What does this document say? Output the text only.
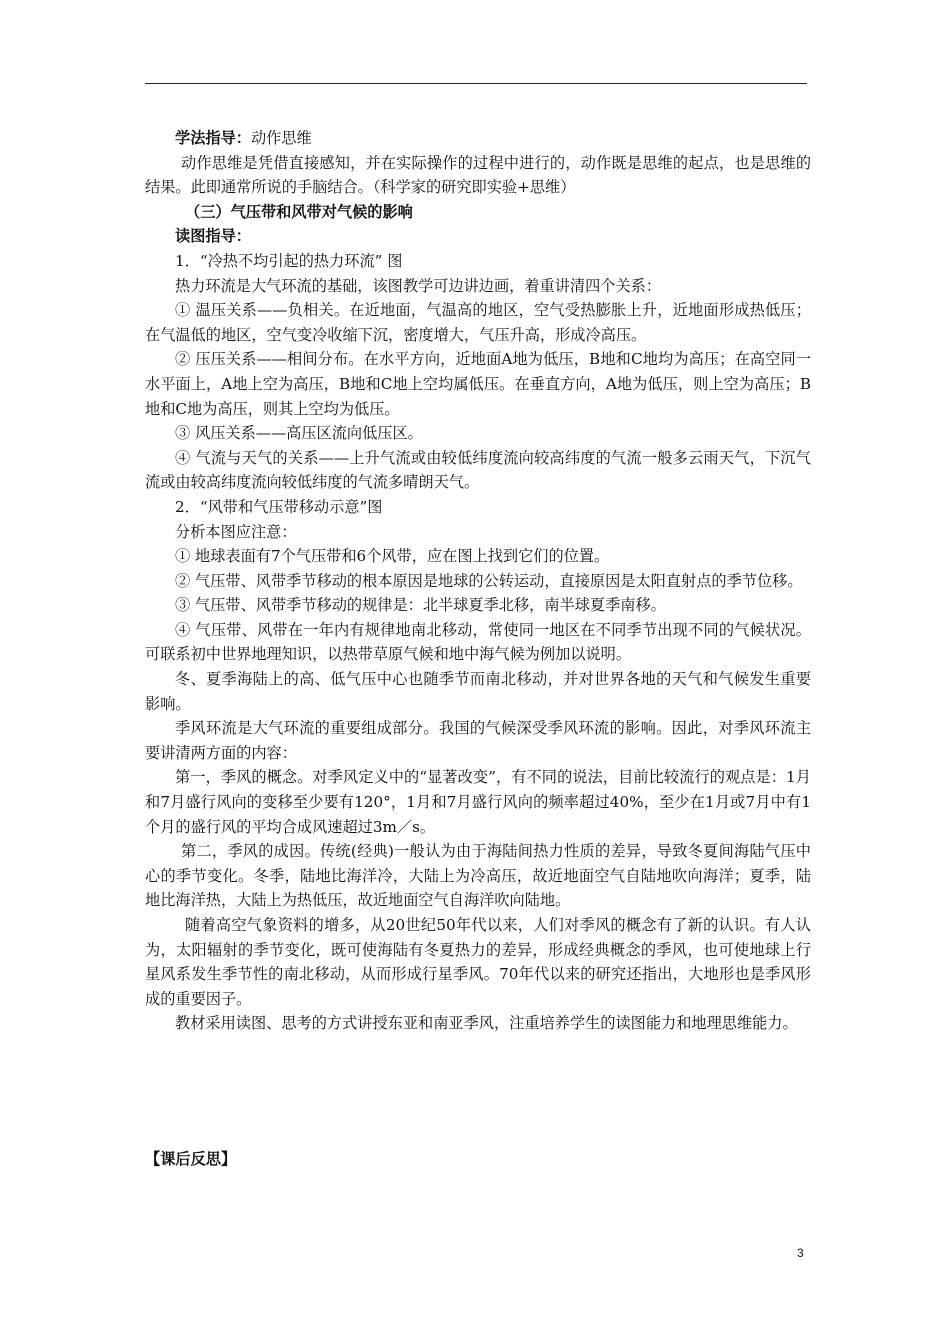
学法指导：动作思维

动作思维是凭借直接感知，并在实际操作的过程中进行的，动作既是思维的起点，也是思维的结果。此即通常所说的手脑结合。（科学家的研究即实验+思维）

（三）气压带和风带对气候的影响

读图指导：

1．“冷热不均引起的热力环流” 图

热力环流是大气环流的基础，该图教学可边讲边画，着重讲清四个关系：

① 温压关系——负相关。在近地面，气温高的地区，空气受热膨胀上升，近地面形成热低压；在气温低的地区，空气变冷收缩下沉，密度增大，气压升高，形成冷高压。

② 压压关系——相间分布。在水平方向，近地面A地为低压，B地和C地均为高压；在高空同一水平面上，A地上空为高压，B地和C地上空均属低压。在垂直方向，A地为低压，则上空为高压；B地和C地为高压，则其上空均为低压。

③ 风压关系——高压区流向低压区。

④ 气流与天气的关系——上升气流或由较低纬度流向较高纬度的气流一般多云雨天气，下沉气流或由较高纬度流向较低纬度的气流多晴朗天气。

2．“风带和气压带移动示意”图

分析本图应注意：

① 地球表面有7个气压带和6个风带，应在图上找到它们的位置。

② 气压带、风带季节移动的根本原因是地球的公转运动，直接原因是太阳直射点的季节位移。

③ 气压带、风带季节移动的规律是：北半球夏季北移，南半球夏季南移。

④ 气压带、风带在一年内有规律地南北移动，常使同一地区在不同季节出现不同的气候状况。可联系初中世界地理知识，以热带草原气候和地中海气候为例加以说明。

冬、夏季海陆上的高、低气压中心也随季节而南北移动，并对世界各地的天气和气候发生重要影响。

季风环流是大气环流的重要组成部分。我国的气候深受季风环流的影响。因此，对季风环流主要讲清两方面的内容：

第一，季风的概念。对季风定义中的“显著改变”，有不同的说法，目前比较流行的观点是：1月和7月盛行风向的变移至少要有120°，1月和7月盛行风向的频率超过40%，至少在1月或7月中有1个月的盛行风的平均合成风速超过3m／s。

第二，季风的成因。传统(经典)一般认为由于海陆间热力性质的差异，导致冬夏间海陆气压中心的季节变化。冬季，陆地比海洋冷，大陆上为冷高压，故近地面空气自陆地吹向海洋；夏季，陆地比海洋热，大陆上为热低压，故近地面空气自海洋吹向陆地。

随着高空气象资料的增多，从20世纪50年代以来，人们对季风的概念有了新的认识。有人认为，太阳辐射的季节变化，既可使海陆有冬夏热力的差异，形成经典概念的季风，也可使地球上行星风系发生季节性的南北移动，从而形成行星季风。70年代以来的研究还指出，大地形也是季风形成的重要因子。

教材采用读图、思考的方式讲授东亚和南亚季风，注重培养学生的读图能力和地理思维能力。

【课后反思】
3
